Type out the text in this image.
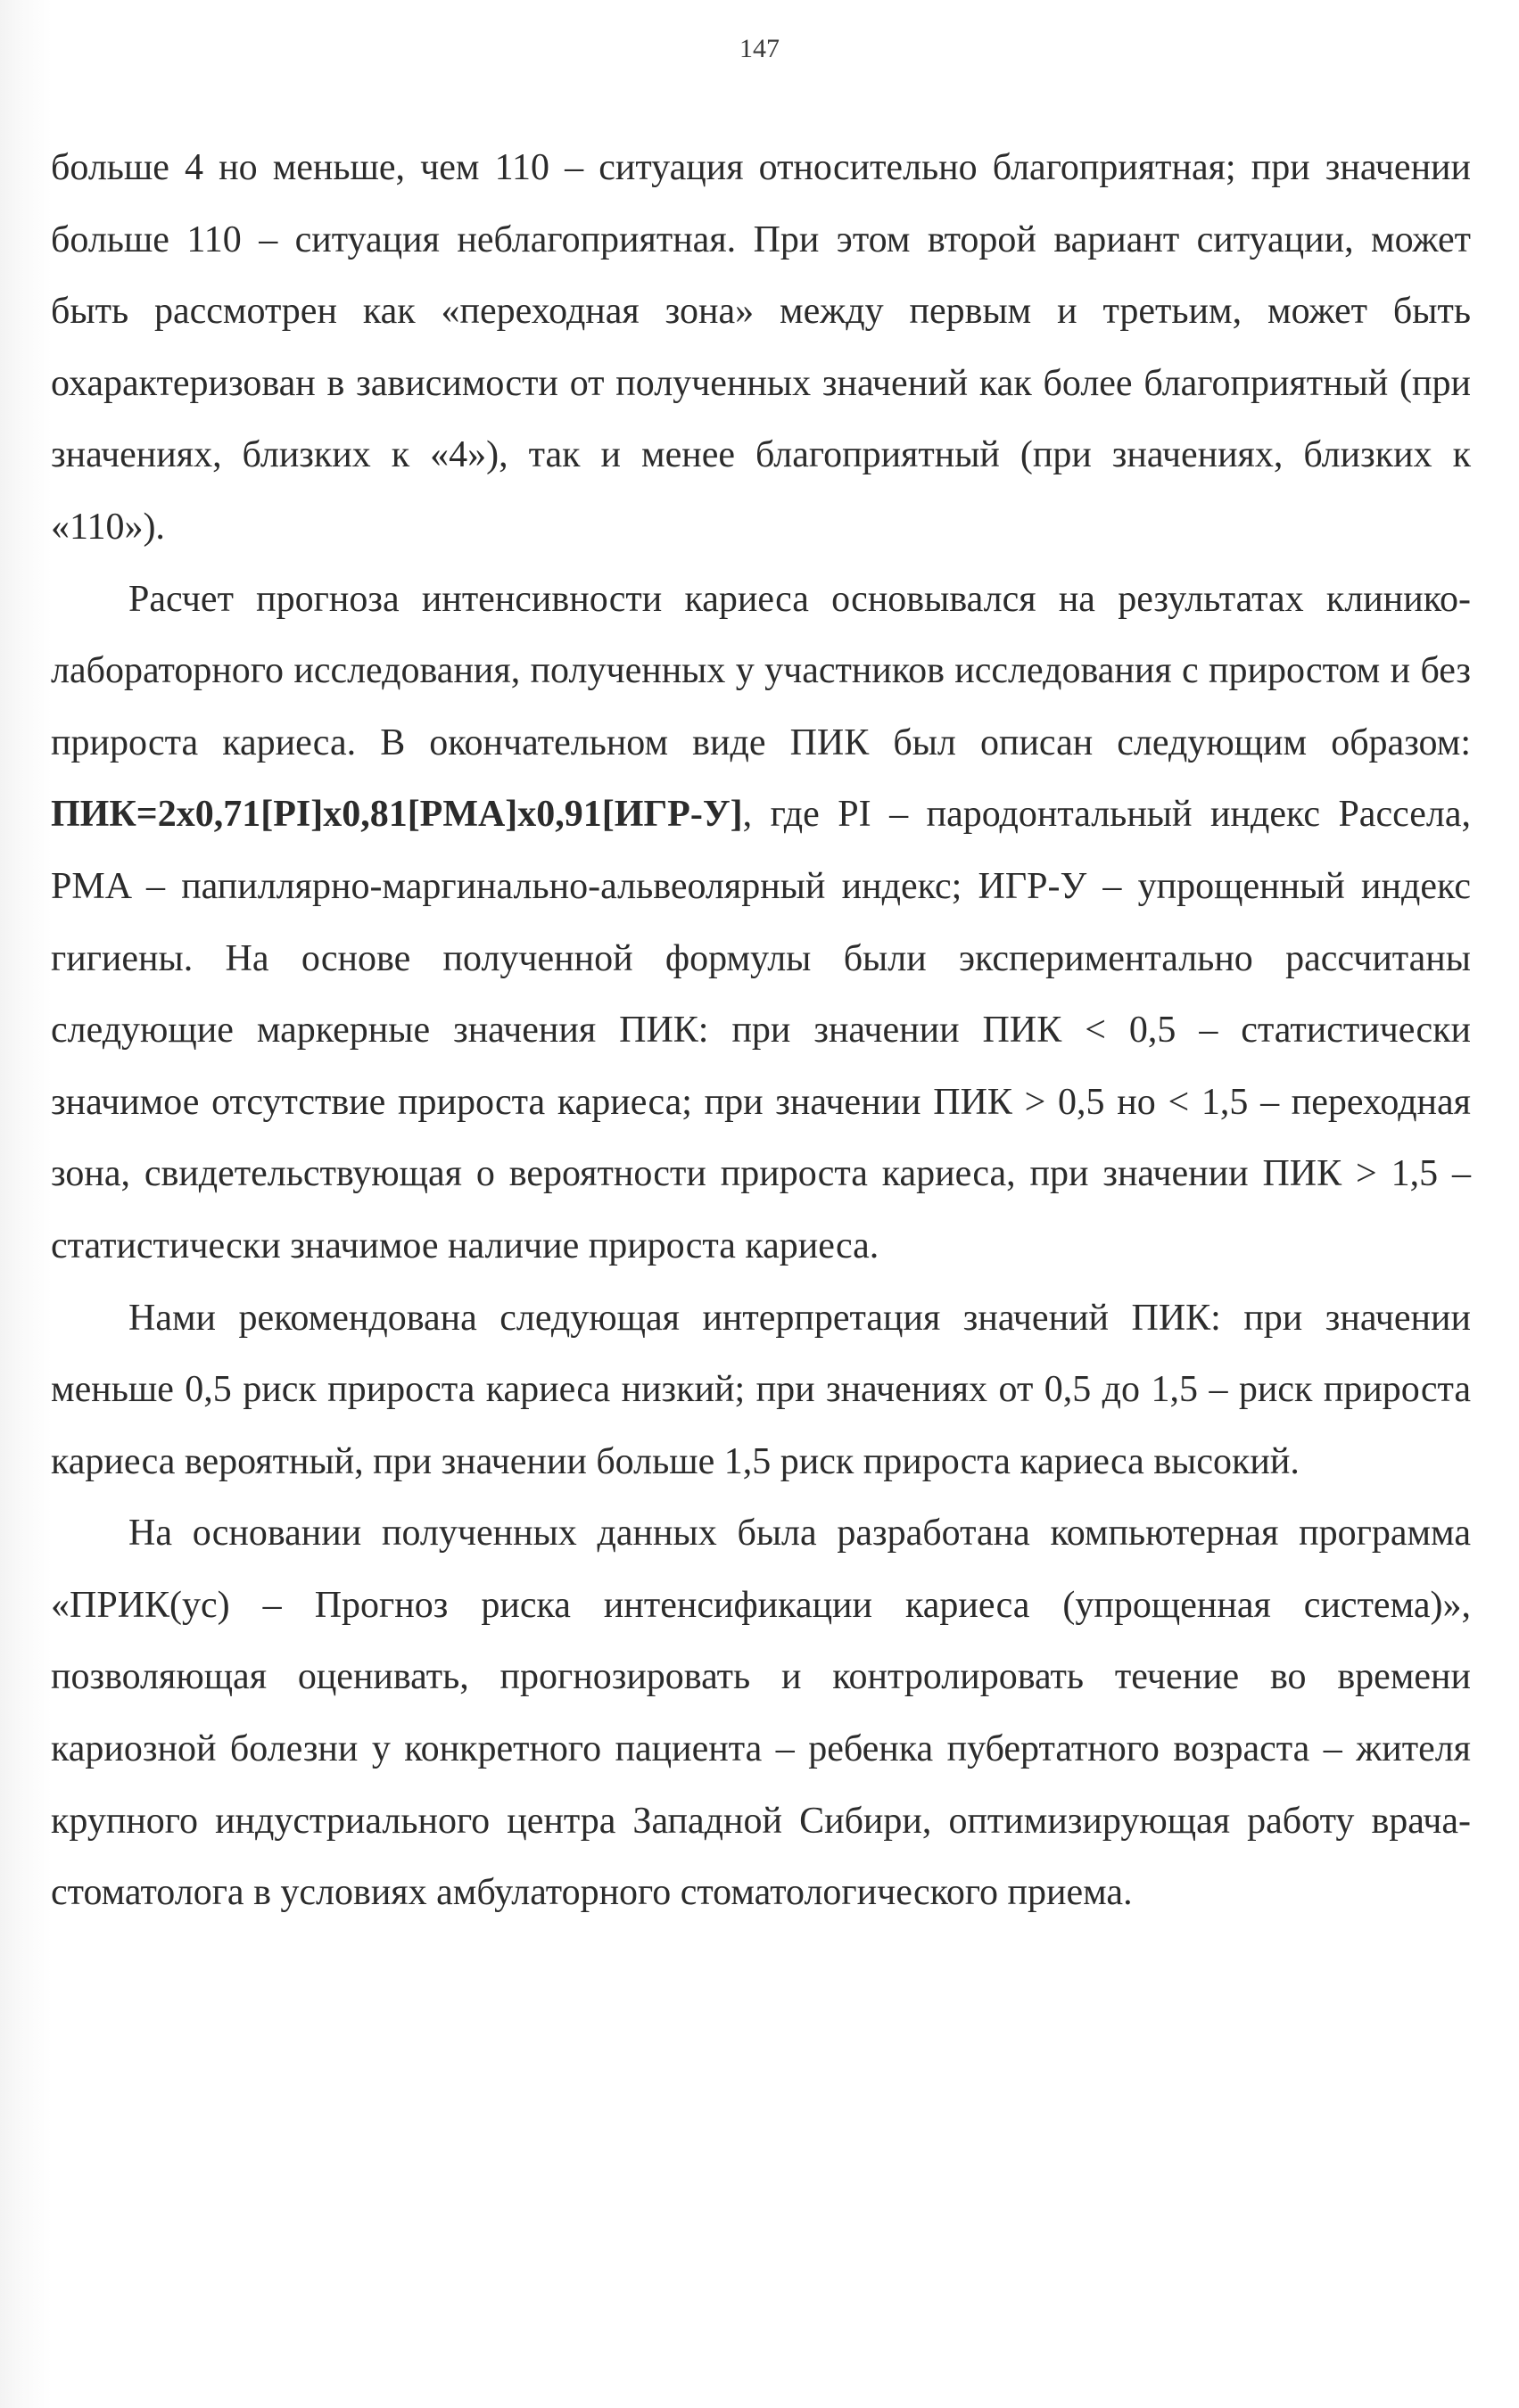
147

больше 4 но меньше, чем 110 – ситуация относительно благоприятная; при значении больше 110 – ситуация неблагоприятная. При этом второй вариант ситуации, может быть рассмотрен как «переходная зона» между первым и третьим, может быть охарактеризован в зависимости от полученных значений как более благоприятный (при значениях, близких к «4»), так и менее благоприятный (при значениях, близких к «110»).

Расчет прогноза интенсивности кариеса основывался на результатах клинико-лабораторного исследования, полученных у участников исследования с приростом и без прироста кариеса. В окончательном виде ПИК был описан следующим образом: ПИК=2x0,71[PI]x0,81[PMA]x0,91[ИГР-У], где PI – пародонтальный индекс Рассела, PMA – папиллярно-маргинально-альвеолярный индекс; ИГР-У – упрощенный индекс гигиены. На основе полученной формулы были экспериментально рассчитаны следующие маркерные значения ПИК: при значении ПИК < 0,5 – статистически значимое отсутствие прироста кариеса; при значении ПИК > 0,5 но < 1,5 – переходная зона, свидетельствующая о вероятности прироста кариеса, при значении ПИК > 1,5 – статистически значимое наличие прироста кариеса.

Нами рекомендована следующая интерпретация значений ПИК: при значении меньше 0,5 риск прироста кариеса низкий; при значениях от 0,5 до 1,5 – риск прироста кариеса вероятный, при значении больше 1,5 риск прироста кариеса высокий.

На основании полученных данных была разработана компьютерная программа «ПРИК(ус) – Прогноз риска интенсификации кариеса (упрощенная система)», позволяющая оценивать, прогнозировать и контролировать течение во времени кариозной болезни у конкретного пациента – ребенка пубертатного возраста – жителя крупного индустриального центра Западной Сибири, оптимизирующая работу врача-стоматолога в условиях амбулаторного стоматологического приема.
